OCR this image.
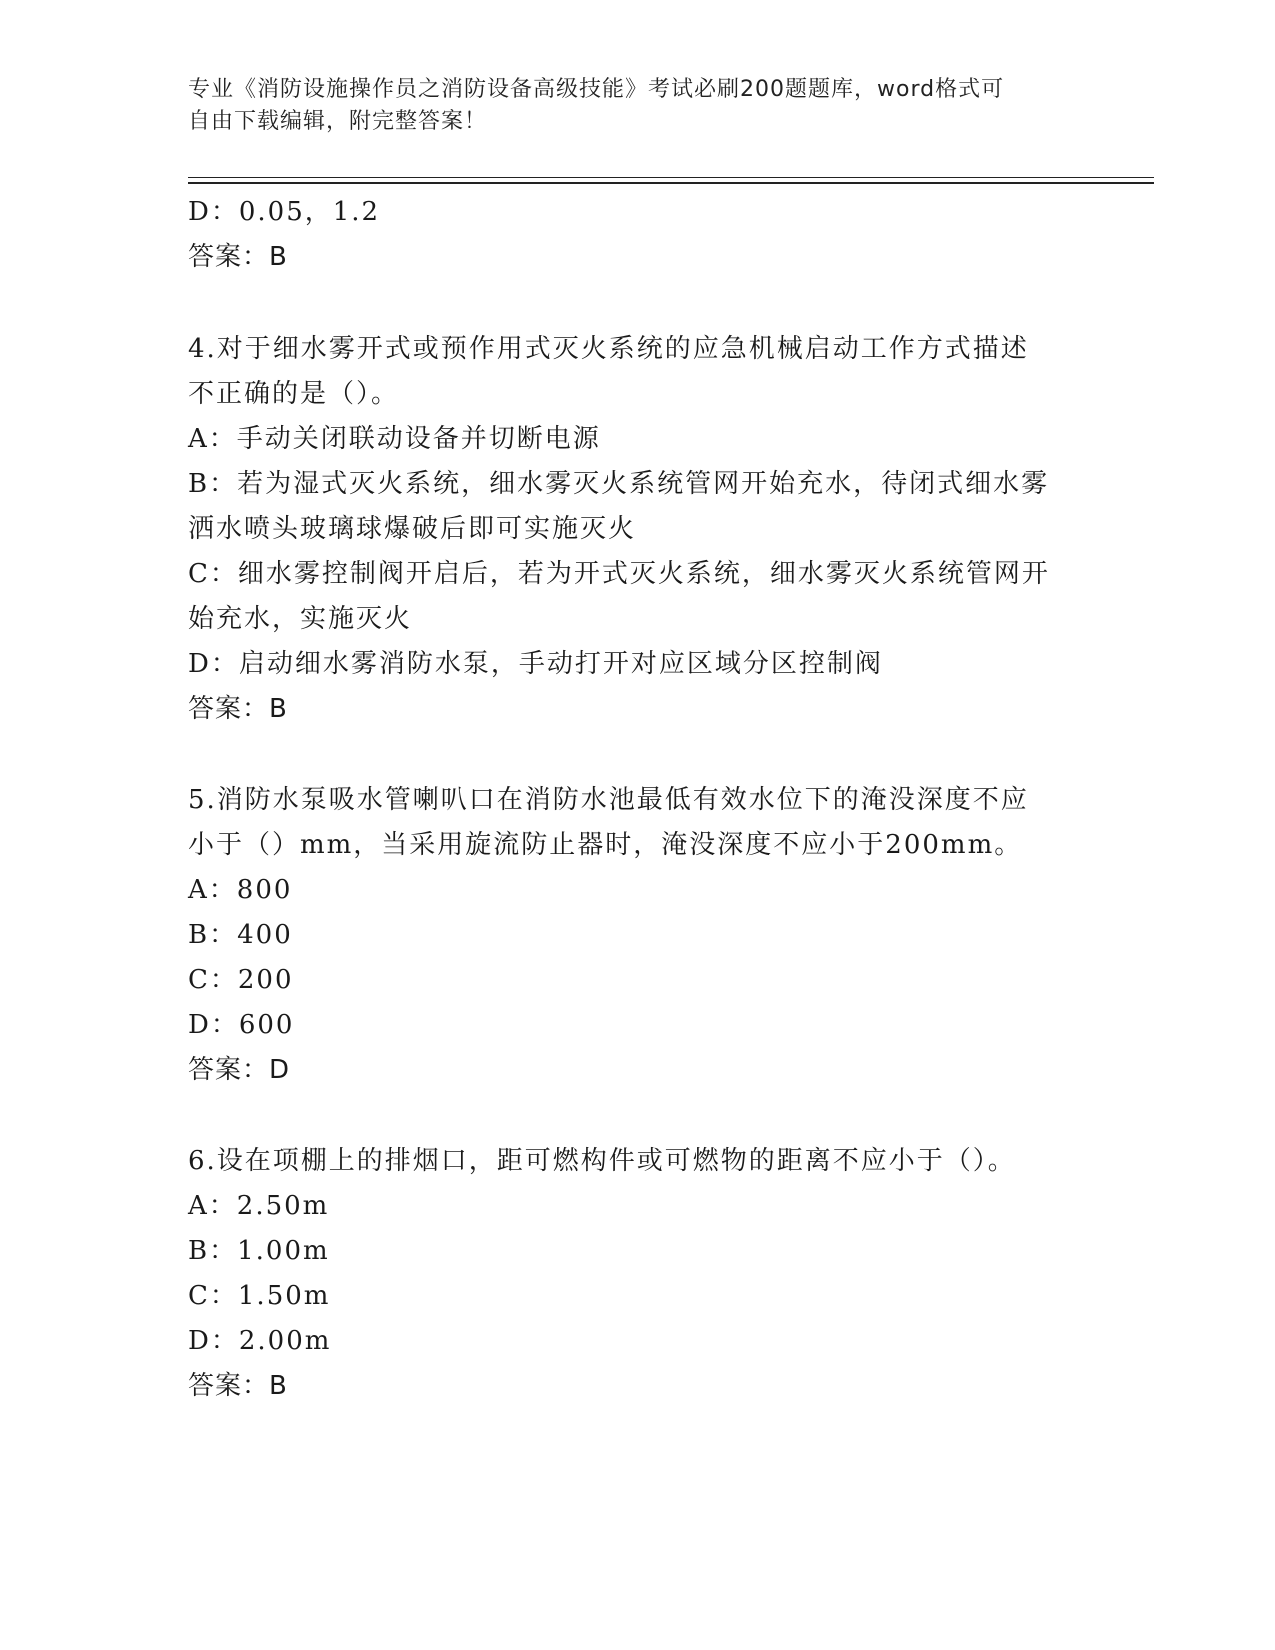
专业《消防设施操作员之消防设备高级技能》考试必刷200题题库，word格式可
自由下载编辑，附完整答案！
D：0.05，1.2
答案：B
4.对于细水雾开式或预作用式灭火系统的应急机械启动工作方式描述
不正确的是（）。
A：手动关闭联动设备并切断电源
B：若为湿式灭火系统，细水雾灭火系统管网开始充水，待闭式细水雾
洒水喷头玻璃球爆破后即可实施灭火
C：细水雾控制阀开启后，若为开式灭火系统，细水雾灭火系统管网开
始充水，实施灭火
D：启动细水雾消防水泵，手动打开对应区域分区控制阀
答案：B
5.消防水泵吸水管喇叭口在消防水池最低有效水位下的淹没深度不应
小于（）mm，当采用旋流防止器时，淹没深度不应小于200mm。
A：800
B：400
C：200
D：600
答案：D
6.设在项棚上的排烟口，距可燃构件或可燃物的距离不应小于（）。
A：2.50m
B：1.00m
C：1.50m
D：2.00m
答案：B
